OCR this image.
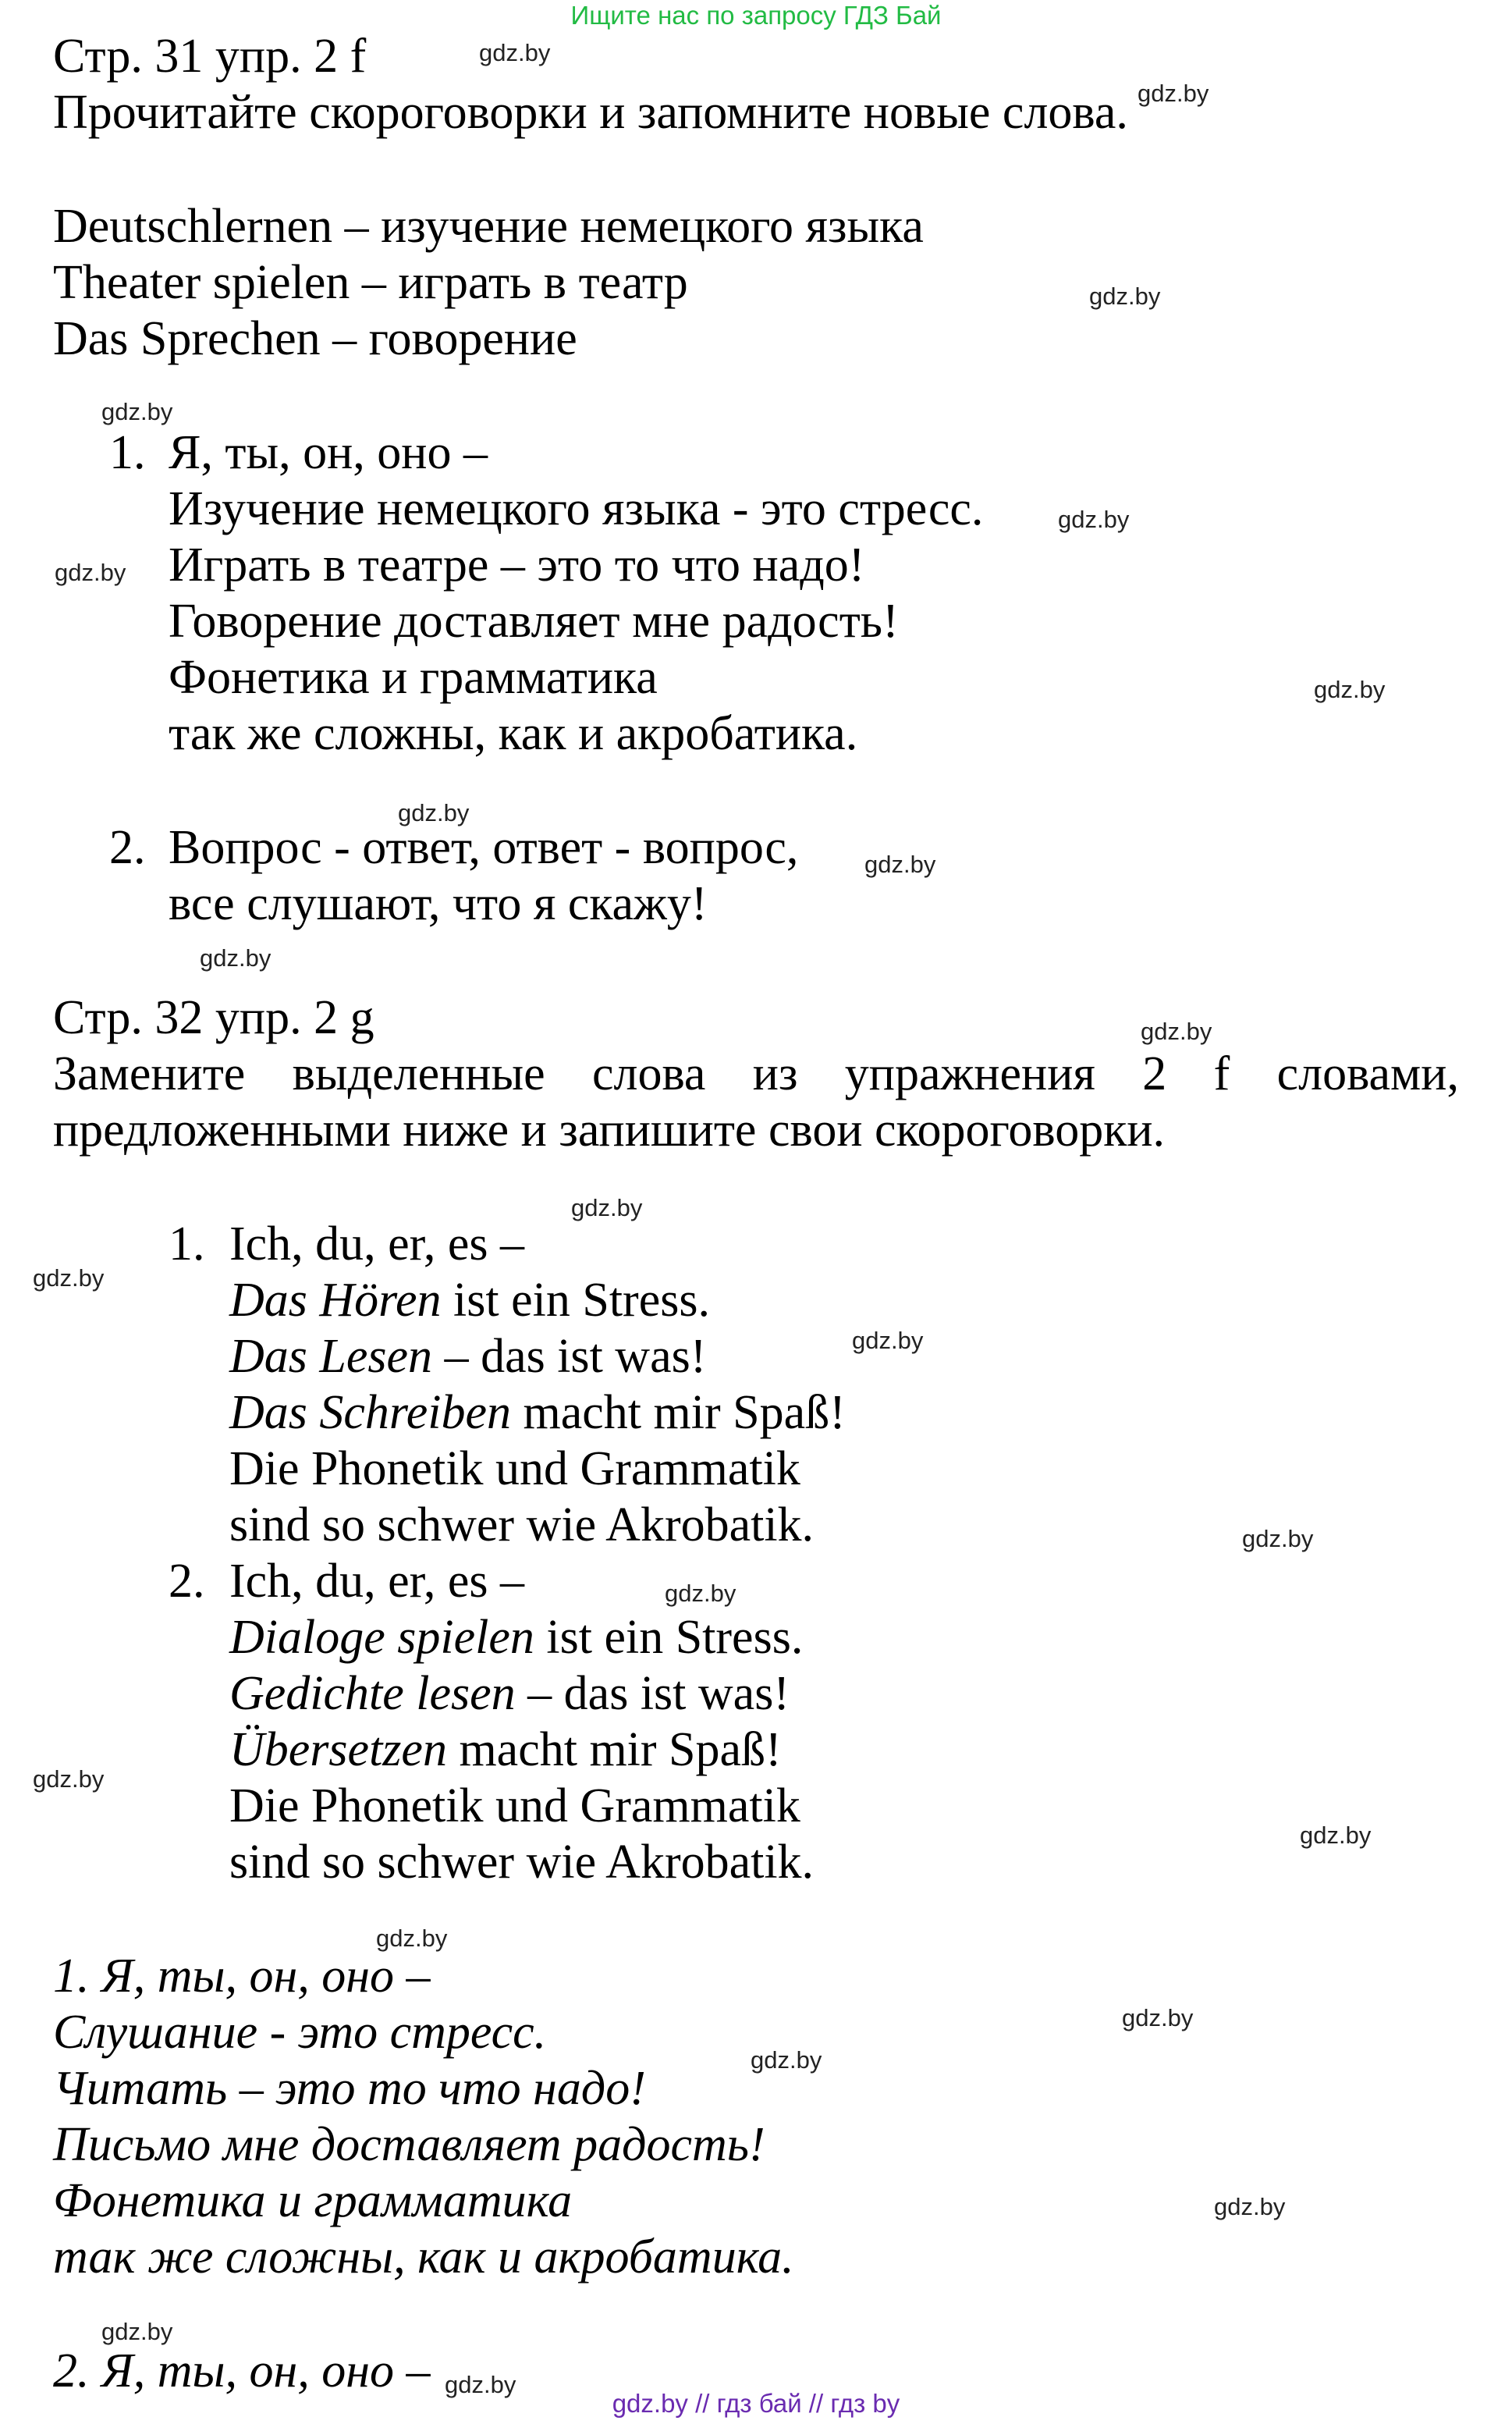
Ищите нас по запросу ГДЗ Бай
Стр. 31 упр. 2 f
Прочитайте скороговорки и запомните новые слова.
Deutschlernen – изучение немецкого языка
Theater spielen – играть в театр
Das Sprechen – говорение
1. Я, ты, он, оно –
Изучение немецкого языка - это стресс.
Играть в театре – это то что надо!
Говорение доставляет мне радость!
Фонетика и грамматика
так же сложны, как и акробатика.
2. Вопрос - ответ, ответ - вопрос,
все слушают, что я скажу!
Стр. 32 упр. 2 g
Замените выделенные слова из упражнения 2 f словами,
предложенными ниже и запишите свои скороговорки.
1. Ich, du, er, es –
Das Hören ist ein Stress.
Das Lesen – das ist was!
Das Schreiben macht mir Spaß!
Die Phonetik und Grammatik
sind so schwer wie Akrobatik.
2. Ich, du, er, es –
Dialoge spielen ist ein Stress.
Gedichte lesen – das ist was!
Übersetzen macht mir Spaß!
Die Phonetik und Grammatik
sind so schwer wie Akrobatik.
1. Я, ты, он, оно –
Слушание - это стресс.
Читать – это то что надо!
Письмо мне доставляет радость!
Фонетика и грамматика
так же сложны, как и акробатика.
2. Я, ты, он, оно –
gdz.by
gdz.by
gdz.by
gdz.by
gdz.by
gdz.by
gdz.by
gdz.by
gdz.by
gdz.by
gdz.by
gdz.by
gdz.by
gdz.by
gdz.by
gdz.by
gdz.by
gdz.by
gdz.by
gdz.by
gdz.by
gdz.by
gdz.by
gdz.by
gdz.by // гдз бай // гдз by
